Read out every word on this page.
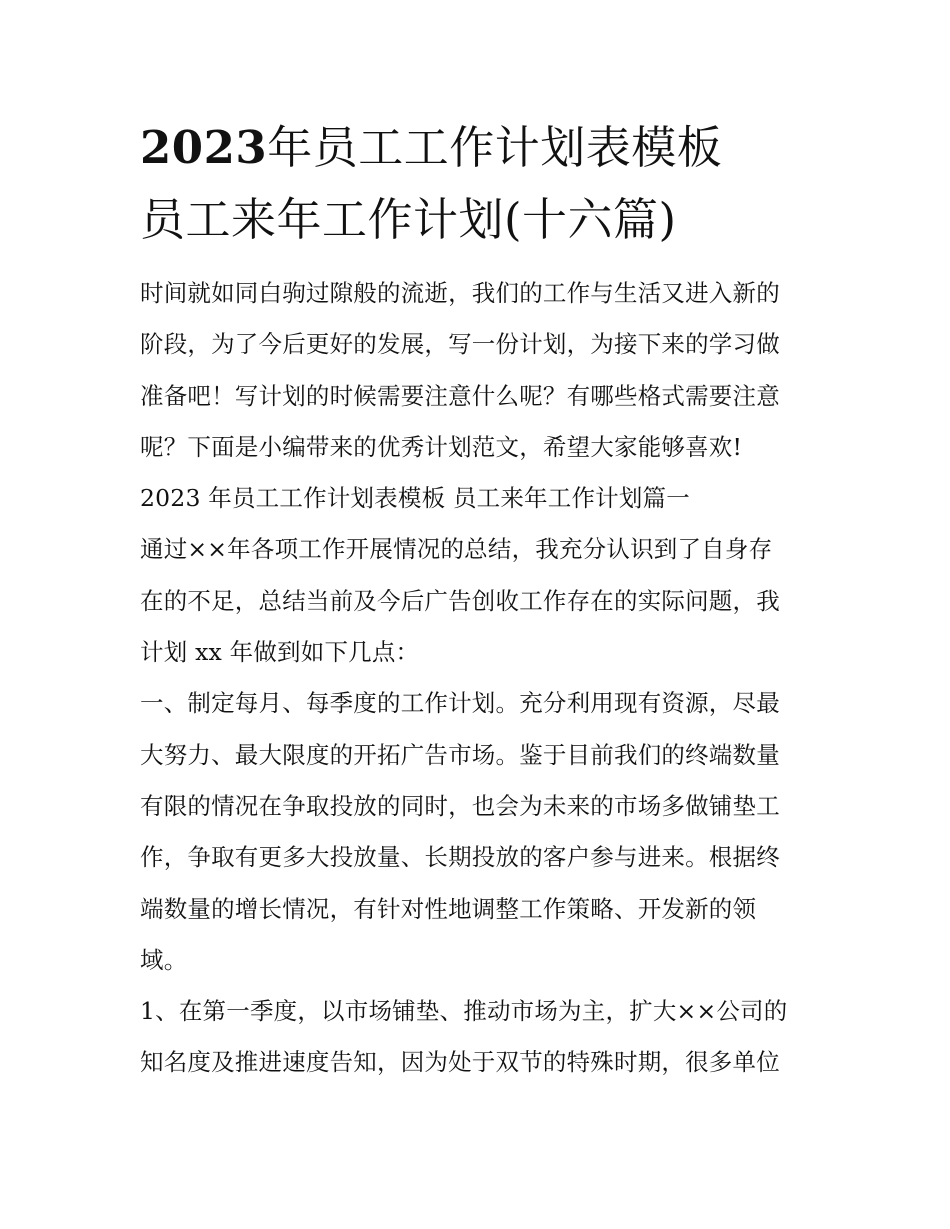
2023年员工工作计划表模板
员工来年工作计划(十六篇)
时间就如同白驹过隙般的流逝，我们的工作与生活又进入新的
阶段，为了今后更好的发展，写一份计划，为接下来的学习做
准备吧！写计划的时候需要注意什么呢？有哪些格式需要注意
呢？下面是小编带来的优秀计划范文，希望大家能够喜欢!
2023 年员工工作计划表模板 员工来年工作计划篇一
通过××年各项工作开展情况的总结，我充分认识到了自身存
在的不足，总结当前及今后广告创收工作存在的实际问题，我
计划 xx 年做到如下几点：
一、制定每月、每季度的工作计划。充分利用现有资源，尽最
大努力、最大限度的开拓广告市场。鉴于目前我们的终端数量
有限的情况在争取投放的同时，也会为未来的市场多做铺垫工
作，争取有更多大投放量、长期投放的客户参与进来。根据终
端数量的增长情况，有针对性地调整工作策略、开发新的领
域。
1、在第一季度，以市场铺垫、推动市场为主，扩大××公司的
知名度及推进速度告知，因为处于双节的特殊时期，很多单位
